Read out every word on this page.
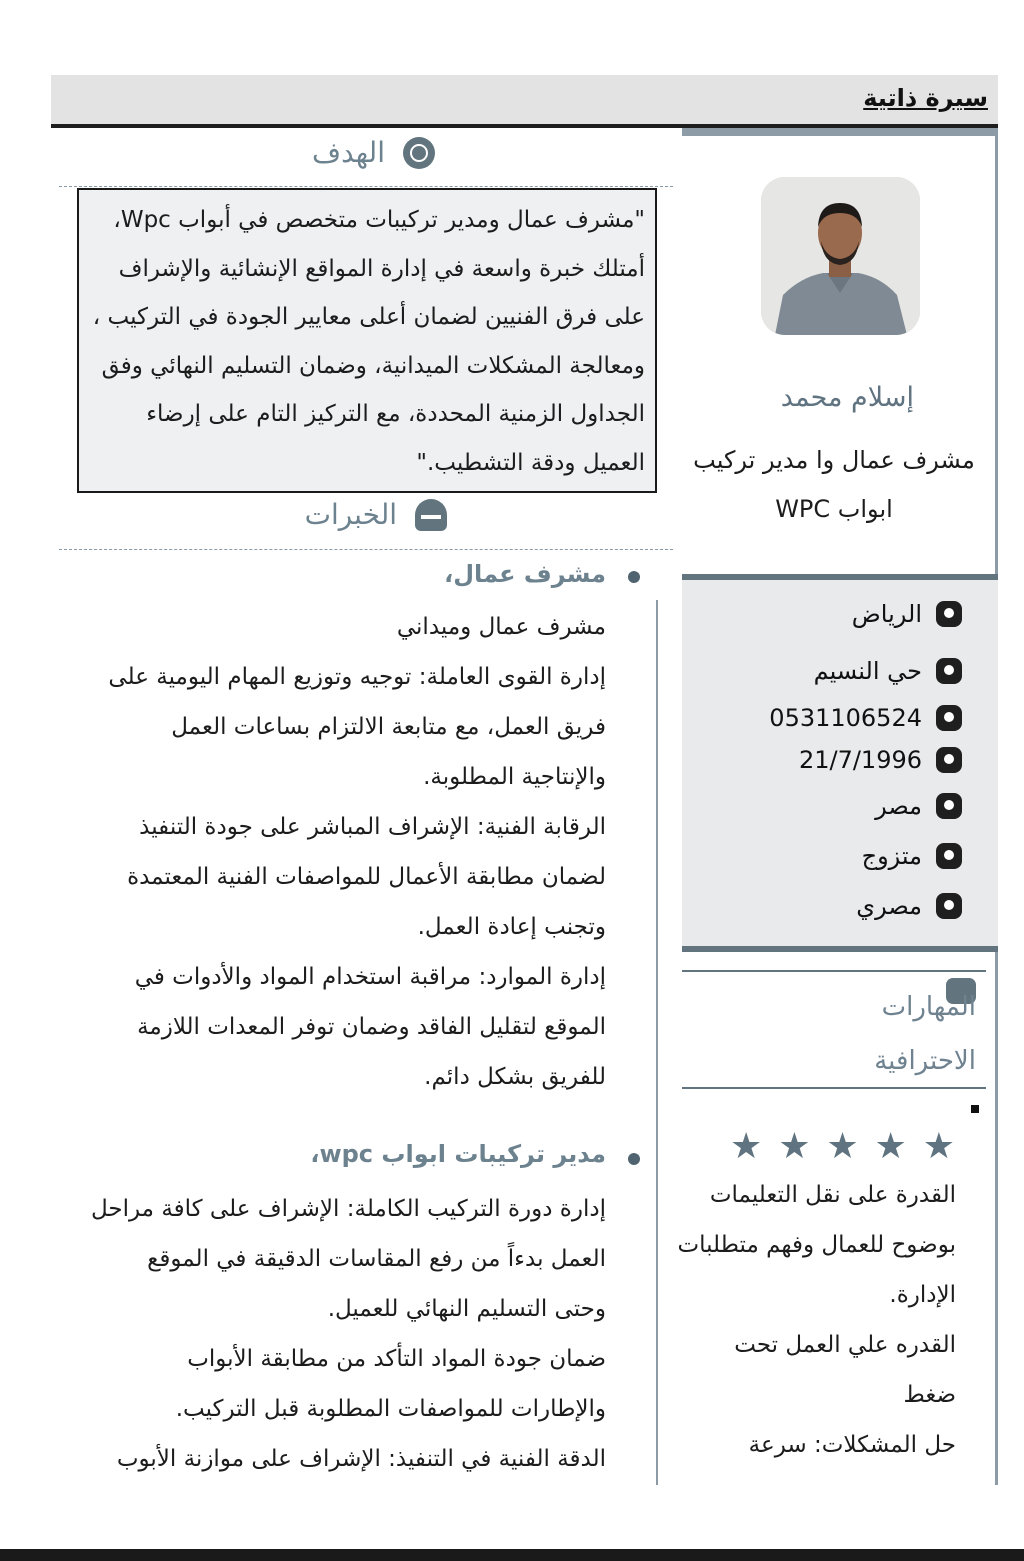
سيرة ذاتية
إسلام محمد
مشرف عمال وا مدير تركيب ابواب WPC
الرياض
حي النسيم
0531106524
21/7/1996
مصر
متزوج
مصري
المهارات الاحترافية
★ ★ ★ ★ ★
القدرة على نقل التعليمات بوضوح للعمال وفهم متطلبات الإدارة.
القدره علي العمل تحت ضغط
حل المشكلات: سرعة
الهدف
"مشرف عمال ومدير تركيبات متخصص في أبواب Wpc، أمتلك خبرة واسعة في إدارة المواقع الإنشائية والإشراف على فرق الفنيين لضمان أعلى معايير الجودة في التركيب ، ومعالجة المشكلات الميدانية، وضمان التسليم النهائي وفق الجداول الزمنية المحددة، مع التركيز التام على إرضاء العميل ودقة التشطيب."
الخبرات
مشرف عمال،
مشرف عمال وميداني
إدارة القوى العاملة: توجيه وتوزيع المهام اليومية على فريق العمل، مع متابعة الالتزام بساعات العمل والإنتاجية المطلوبة.
الرقابة الفنية: الإشراف المباشر على جودة التنفيذ لضمان مطابقة الأعمال للمواصفات الفنية المعتمدة وتجنب إعادة العمل.
إدارة الموارد: مراقبة استخدام المواد والأدوات في الموقع لتقليل الفاقد وضمان توفر المعدات اللازمة للفريق بشكل دائم.
مدير تركيبات ابواب wpc،
إدارة دورة التركيب الكاملة: الإشراف على كافة مراحل العمل بدءاً من رفع المقاسات الدقيقة في الموقع وحتى التسليم النهائي للعميل.
ضمان جودة المواد التأكد من مطابقة الأبواب والإطارات للمواصفات المطلوبة قبل التركيب.
الدقة الفنية في التنفيذ: الإشراف على موازنة الأبوب
